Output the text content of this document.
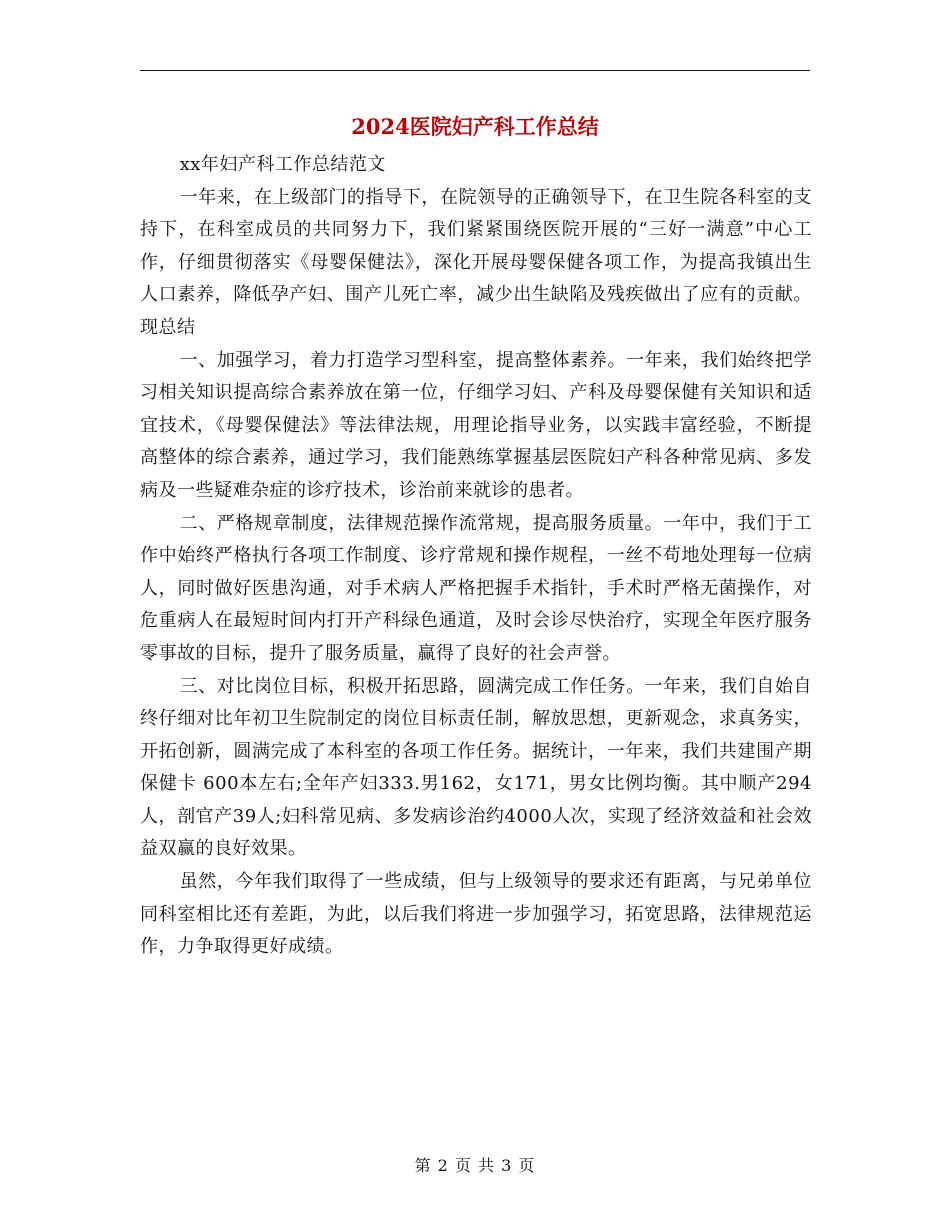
2024医院妇产科工作总结

xx年妇产科工作总结范文

一年来，在上级部门的指导下，在院领导的正确领导下，在卫生院各科室的支持下，在科室成员的共同努力下，我们紧紧围绕医院开展的“三好一满意”中心工作，仔细贯彻落实《母婴保健法》，深化开展母婴保健各项工作，为提高我镇出生人口素养，降低孕产妇、围产儿死亡率，减少出生缺陷及残疾做出了应有的贡献。现总结

一、加强学习，着力打造学习型科室，提高整体素养。一年来，我们始终把学习相关知识提高综合素养放在第一位，仔细学习妇、产科及母婴保健有关知识和适宜技术，《母婴保健法》等法律法规，用理论指导业务，以实践丰富经验，不断提高整体的综合素养，通过学习，我们能熟练掌握基层医院妇产科各种常见病、多发病及一些疑难杂症的诊疗技术，诊治前来就诊的患者。

二、严格规章制度，法律规范操作流常规，提高服务质量。一年中，我们于工作中始终严格执行各项工作制度、诊疗常规和操作规程，一丝不苟地处理每一位病人，同时做好医患沟通，对手术病人严格把握手术指针，手术时严格无菌操作，对危重病人在最短时间内打开产科绿色通道，及时会诊尽快治疗，实现全年医疗服务零事故的目标，提升了服务质量，赢得了良好的社会声誉。

三、对比岗位目标，积极开拓思路，圆满完成工作任务。一年来，我们自始自终仔细对比年初卫生院制定的岗位目标责任制，解放思想，更新观念，求真务实，开拓创新，圆满完成了本科室的各项工作任务。据统计，一年来，我们共建围产期保健卡 600本左右;全年产妇333.男162，女171，男女比例均衡。其中顺产294人，剖官产39人;妇科常见病、多发病诊治约4000人次，实现了经济效益和社会效益双赢的良好效果。

虽然，今年我们取得了一些成绩，但与上级领导的要求还有距离，与兄弟单位同科室相比还有差距，为此，以后我们将进一步加强学习，拓宽思路，法律规范运作，力争取得更好成绩。

第 2 页 共 3 页
